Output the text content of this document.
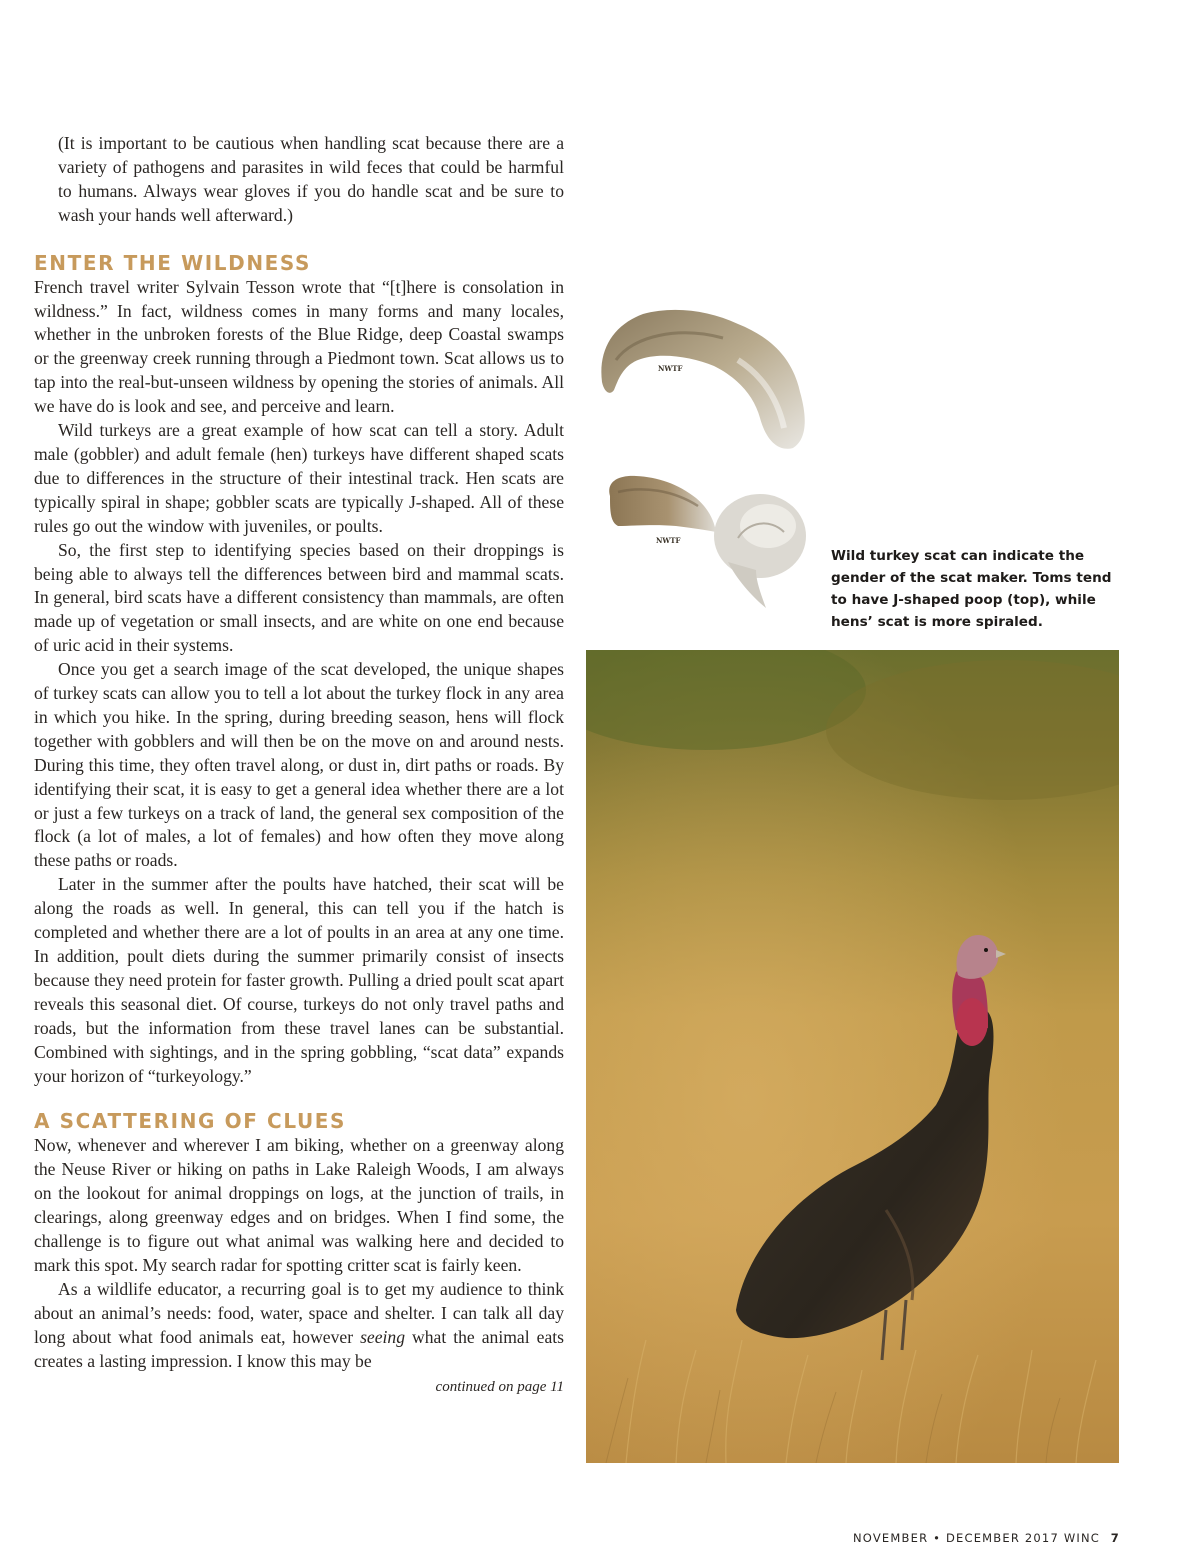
(It is important to be cautious when handling scat because there are a variety of pathogens and parasites in wild feces that could be harmful to humans. Always wear gloves if you do handle scat and be sure to wash your hands well afterward.)

ENTER THE WILDNESS

French travel writer Sylvain Tesson wrote that “[t]here is consolation in wildness.” In fact, wildness comes in many forms and many locales, whether in the unbroken forests of the Blue Ridge, deep Coastal swamps or the greenway creek running through a Piedmont town. Scat allows us to tap into the real-but-unseen wildness by opening the stories of animals. All we have do is look and see, and perceive and learn.

Wild turkeys are a great example of how scat can tell a story. Adult male (gobbler) and adult female (hen) turkeys have different shaped scats due to differences in the structure of their intestinal track. Hen scats are typically spiral in shape; gobbler scats are typically J-shaped. All of these rules go out the window with juveniles, or poults.

So, the first step to identifying species based on their droppings is being able to always tell the differences between bird and mammal scats. In general, bird scats have a different consistency than mammals, are often made up of vegetation or small insects, and are white on one end because of uric acid in their systems.

Once you get a search image of the scat developed, the unique shapes of turkey scats can allow you to tell a lot about the turkey flock in any area in which you hike. In the spring, during breeding season, hens will flock together with gobblers and will then be on the move on and around nests. During this time, they often travel along, or dust in, dirt paths or roads. By identifying their scat, it is easy to get a general idea whether there are a lot or just a few turkeys on a track of land, the general sex composition of the flock (a lot of males, a lot of females) and how often they move along these paths or roads.

Later in the summer after the poults have hatched, their scat will be along the roads as well. In general, this can tell you if the hatch is completed and whether there are a lot of poults in an area at any one time. In addition, poult diets during the summer primarily consist of insects because they need protein for faster growth. Pulling a dried poult scat apart reveals this seasonal diet. Of course, turkeys do not only travel paths and roads, but the information from these travel lanes can be substantial. Combined with sightings, and in the spring gobbling, “scat data” expands your horizon of “turkeyology.”

A SCATTERING OF CLUES

Now, whenever and wherever I am biking, whether on a greenway along the Neuse River or hiking on paths in Lake Raleigh Woods, I am always on the lookout for animal droppings on logs, at the junction of trails, in clearings, along greenway edges and on bridges. When I find some, the challenge is to figure out what animal was walking here and decided to mark this spot. My search radar for spotting critter scat is fairly keen.

As a wildlife educator, a recurring goal is to get my audience to think about an animal’s needs: food, water, space and shelter. I can talk all day long about what food animals eat, however seeing what the animal eats creates a lasting impression. I know this may be

continued on page 11

NWTF
NWTF
Wild turkey scat can indicate the gender of the scat maker. Toms tend to have J-shaped poop (top), while hens’ scat is more spiraled.
NOVEMBER • DECEMBER 2017 WINC 7
